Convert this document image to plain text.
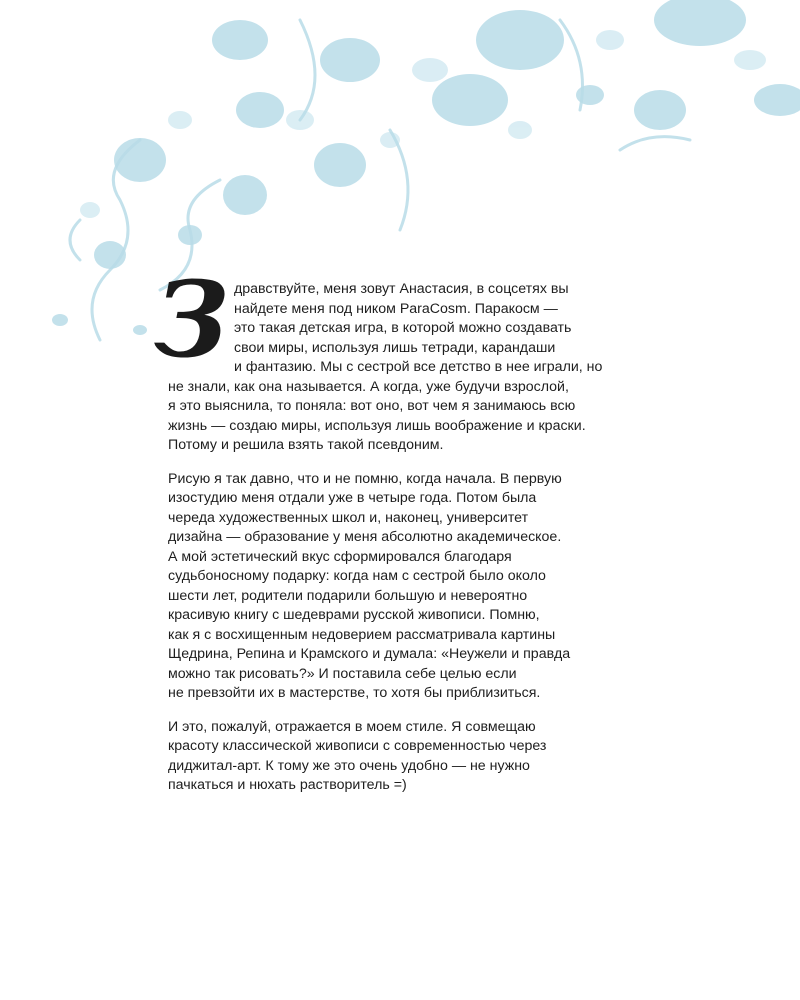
З дравствуйте, меня зовут Анастасия, в соцсетях вы
найдете меня под ником ParaCosm. Паракосм —
это такая детская игра, в которой можно создавать
свои миры, используя лишь тетради, карандаши
и фантазию. Мы с сестрой все детство в нее играли, но
не знали, как она называется. А когда, уже будучи взрослой,
я это выяснила, то поняла: вот оно, вот чем я занимаюсь всю
жизнь — создаю миры, используя лишь воображение и краски.
Потому и решила взять такой псевдоним.

Рисую я так давно, что и не помню, когда начала. В первую
изостудию меня отдали уже в четыре года. Потом была
череда художественных школ и, наконец, университет
дизайна — образование у меня абсолютно академическое.
А мой эстетический вкус сформировался благодаря
судьбоносному подарку: когда нам с сестрой было около
шести лет, родители подарили большую и невероятно
красивую книгу с шедеврами русской живописи. Помню,
как я с восхищенным недоверием рассматривала картины
Щедрина, Репина и Крамского и думала: «Неужели и правда
можно так рисовать?» И поставила себе целью если
не превзойти их в мастерстве, то хотя бы приблизиться.

И это, пожалуй, отражается в моем стиле. Я совмещаю
красоту классической живописи с современностью через
диджитал-арт. К тому же это очень удобно — не нужно
пачкаться и нюхать растворитель =)
